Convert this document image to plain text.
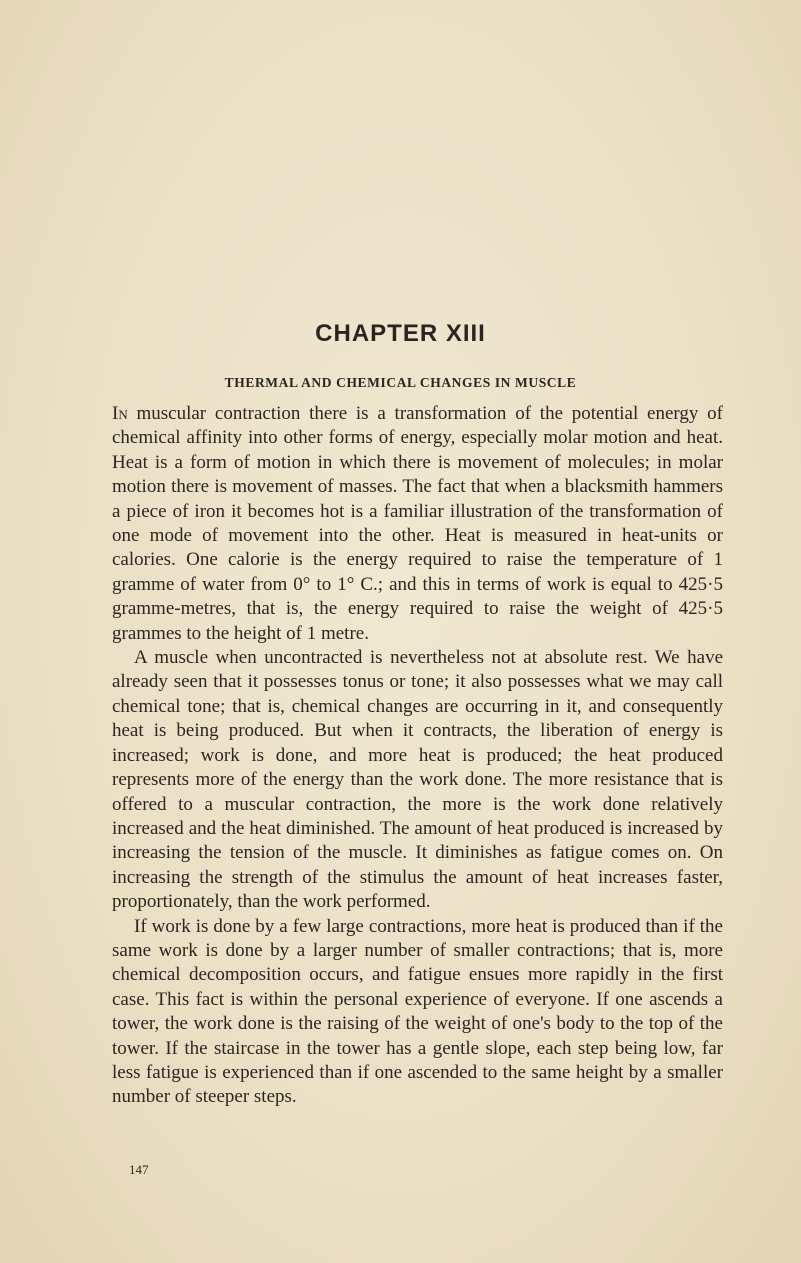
CHAPTER XIII
THERMAL AND CHEMICAL CHANGES IN MUSCLE

In muscular contraction there is a transformation of the potential energy of chemical affinity into other forms of energy, especially molar motion and heat. Heat is a form of motion in which there is movement of molecules; in molar motion there is movement of masses. The fact that when a blacksmith hammers a piece of iron it becomes hot is a familiar illustration of the transformation of one mode of movement into the other. Heat is measured in heat-units or calories. One calorie is the energy required to raise the temperature of 1 gramme of water from 0° to 1° C.; and this in terms of work is equal to 425·5 gramme-metres, that is, the energy required to raise the weight of 425·5 grammes to the height of 1 metre.

A muscle when uncontracted is nevertheless not at absolute rest. We have already seen that it possesses tonus or tone; it also possesses what we may call chemical tone; that is, chemical changes are occurring in it, and consequently heat is being produced. But when it contracts, the liberation of energy is increased; work is done, and more heat is produced; the heat produced represents more of the energy than the work done. The more resistance that is offered to a muscular contraction, the more is the work done relatively increased and the heat diminished. The amount of heat produced is increased by increasing the tension of the muscle. It diminishes as fatigue comes on. On increasing the strength of the stimulus the amount of heat increases faster, proportionately, than the work performed.

If work is done by a few large contractions, more heat is produced than if the same work is done by a larger number of smaller contractions; that is, more chemical decomposition occurs, and fatigue ensues more rapidly in the first case. This fact is within the personal experience of everyone. If one ascends a tower, the work done is the raising of the weight of one's body to the top of the tower. If the staircase in the tower has a gentle slope, each step being low, far less fatigue is experienced than if one ascended to the same height by a smaller number of steeper steps.

147
